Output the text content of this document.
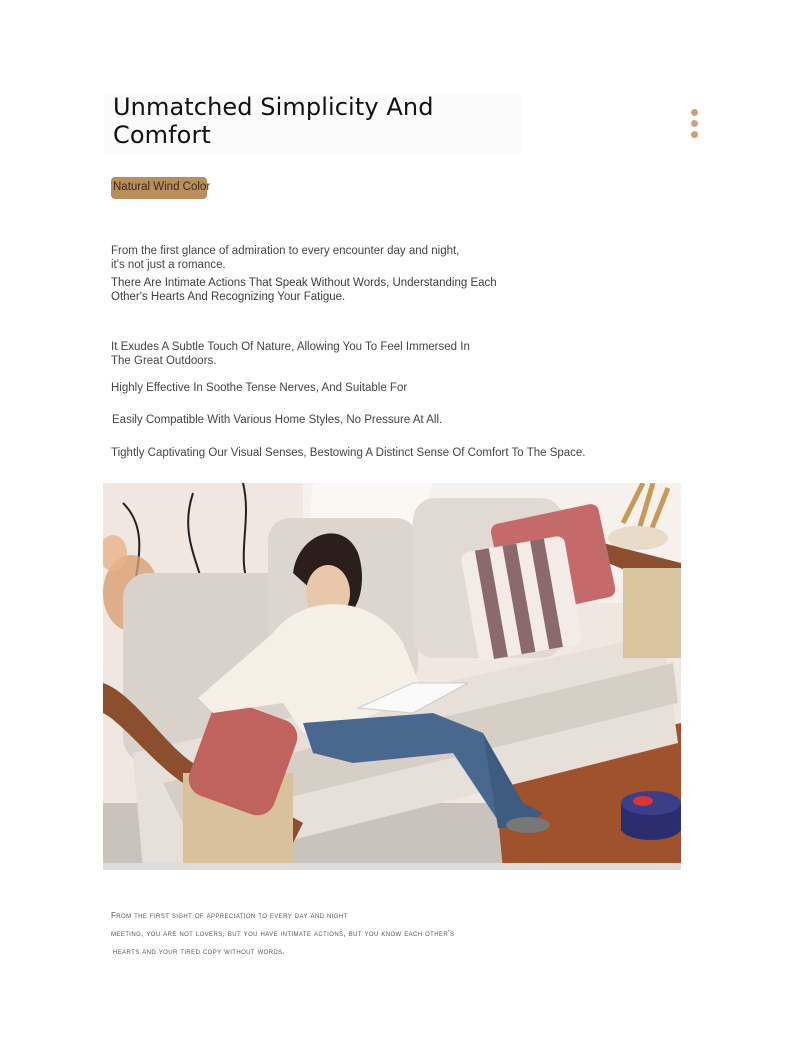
Unmatched Simplicity And Comfort
Natural Wind Color

From the first glance of admiration to every encounter day and night, it's not just a romance.

There Are Intimate Actions That Speak Without Words, Understanding Each Other's Hearts And Recognizing Your Fatigue.

It Exudes A Subtle Touch Of Nature, Allowing You To Feel Immersed In The Great Outdoors.

Highly Effective In Soothe Tense Nerves, And Suitable For

Easily Compatible With Various Home Styles, No Pressure At All.

Tightly Captivating Our Visual Senses, Bestowing A Distinct Sense Of Comfort To The Space.

From the first sight of appreciation to every day and night

meeting, you are not lovers, but you have intimate actions, but you know each other's

hearts and your tired copy without words.
